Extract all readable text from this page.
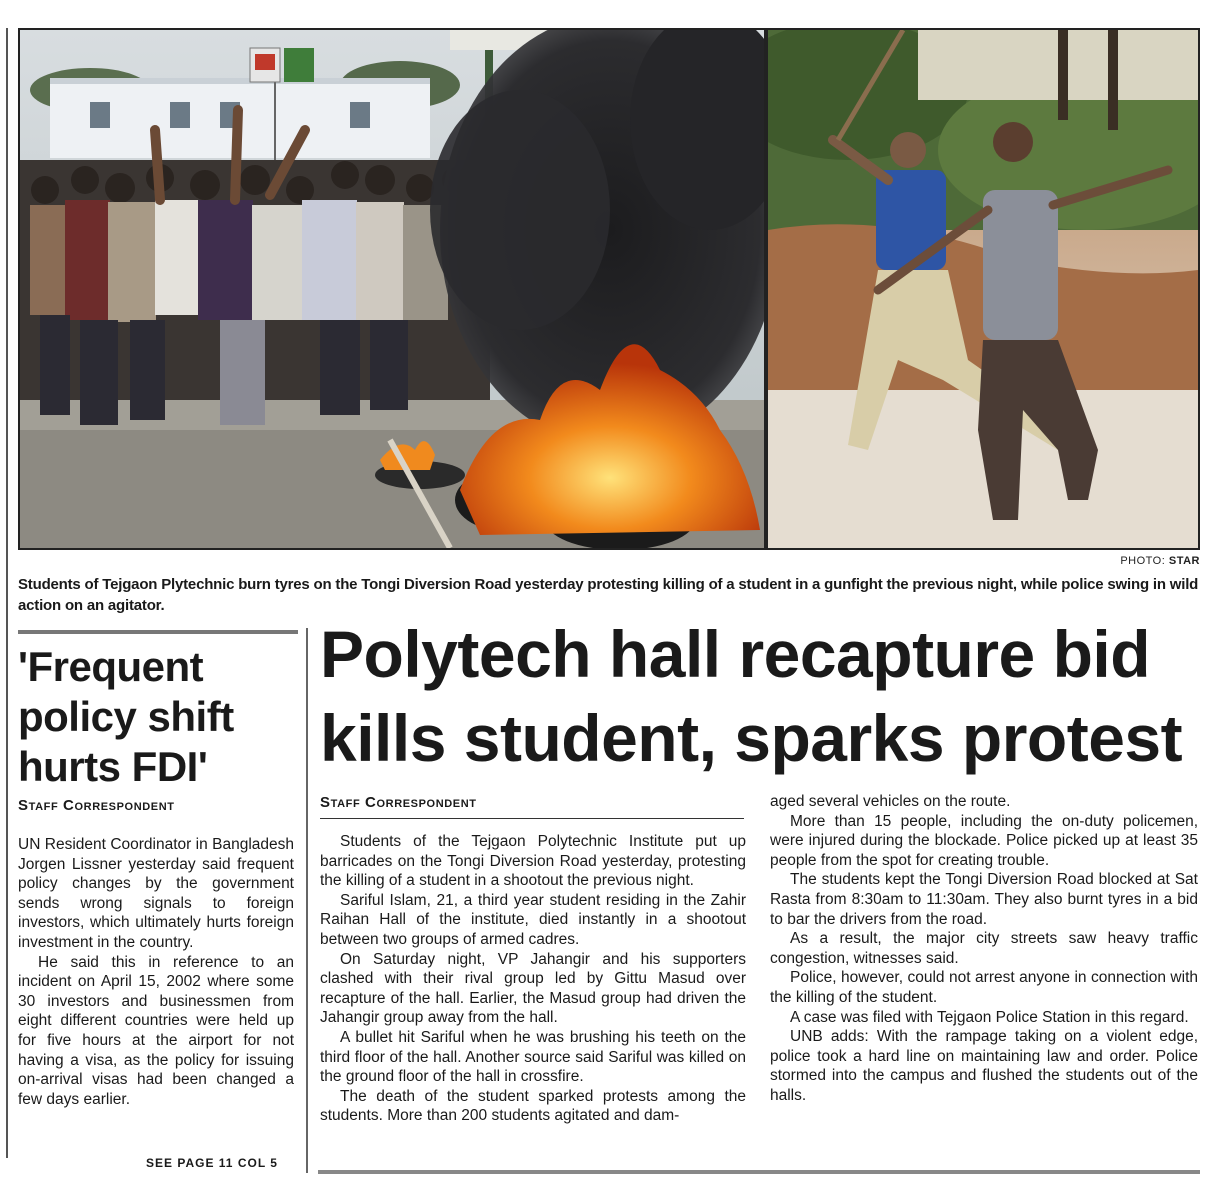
PHOTO: STAR
Students of Tejgaon Plytechnic burn tyres on the Tongi Diversion Road yesterday protesting killing of a student in a gunfight the previous night, while police swing in wild action on an agitator.
'Frequent policy shift hurts FDI'
Staff Correspondent

UN Resident Coordinator in Bangladesh Jorgen Lissner yesterday said frequent policy changes by the government sends wrong signals to foreign investors, which ultimately hurts foreign investment in the country.

He said this in reference to an incident on April 15, 2002 where some 30 investors and businessmen from eight different countries were held up for five hours at the airport for not having a visa, as the policy for issuing on-arrival visas had been changed a few days earlier.

SEE PAGE 11 COL 5
Polytech hall recapture bid kills student, sparks protest
Staff Correspondent

Students of the Tejgaon Polytechnic Institute put up barricades on the Tongi Diversion Road yesterday, protesting the killing of a student in a shootout the previous night.

Sariful Islam, 21, a third year student residing in the Zahir Raihan Hall of the institute, died instantly in a shootout between two groups of armed cadres.

On Saturday night, VP Jahangir and his supporters clashed with their rival group led by Gittu Masud over recapture of the hall. Earlier, the Masud group had driven the Jahangir group away from the hall.

A bullet hit Sariful when he was brushing his teeth on the third floor of the hall. Another source said Sariful was killed on the ground floor of the hall in crossfire.

The death of the student sparked protests among the students. More than 200 students agitated and dam-

aged several vehicles on the route.

More than 15 people, including the on-duty policemen, were injured during the blockade. Police picked up at least 35 people from the spot for creating trouble.

The students kept the Tongi Diversion Road blocked at Sat Rasta from 8:30am to 11:30am. They also burnt tyres in a bid to bar the drivers from the road.

As a result, the major city streets saw heavy traffic congestion, witnesses said.

Police, however, could not arrest anyone in connection with the killing of the student.

A case was filed with Tejgaon Police Station in this regard.

UNB adds: With the rampage taking on a violent edge, police took a hard line on maintaining law and order. Police stormed into the campus and flushed the students out of the halls.
